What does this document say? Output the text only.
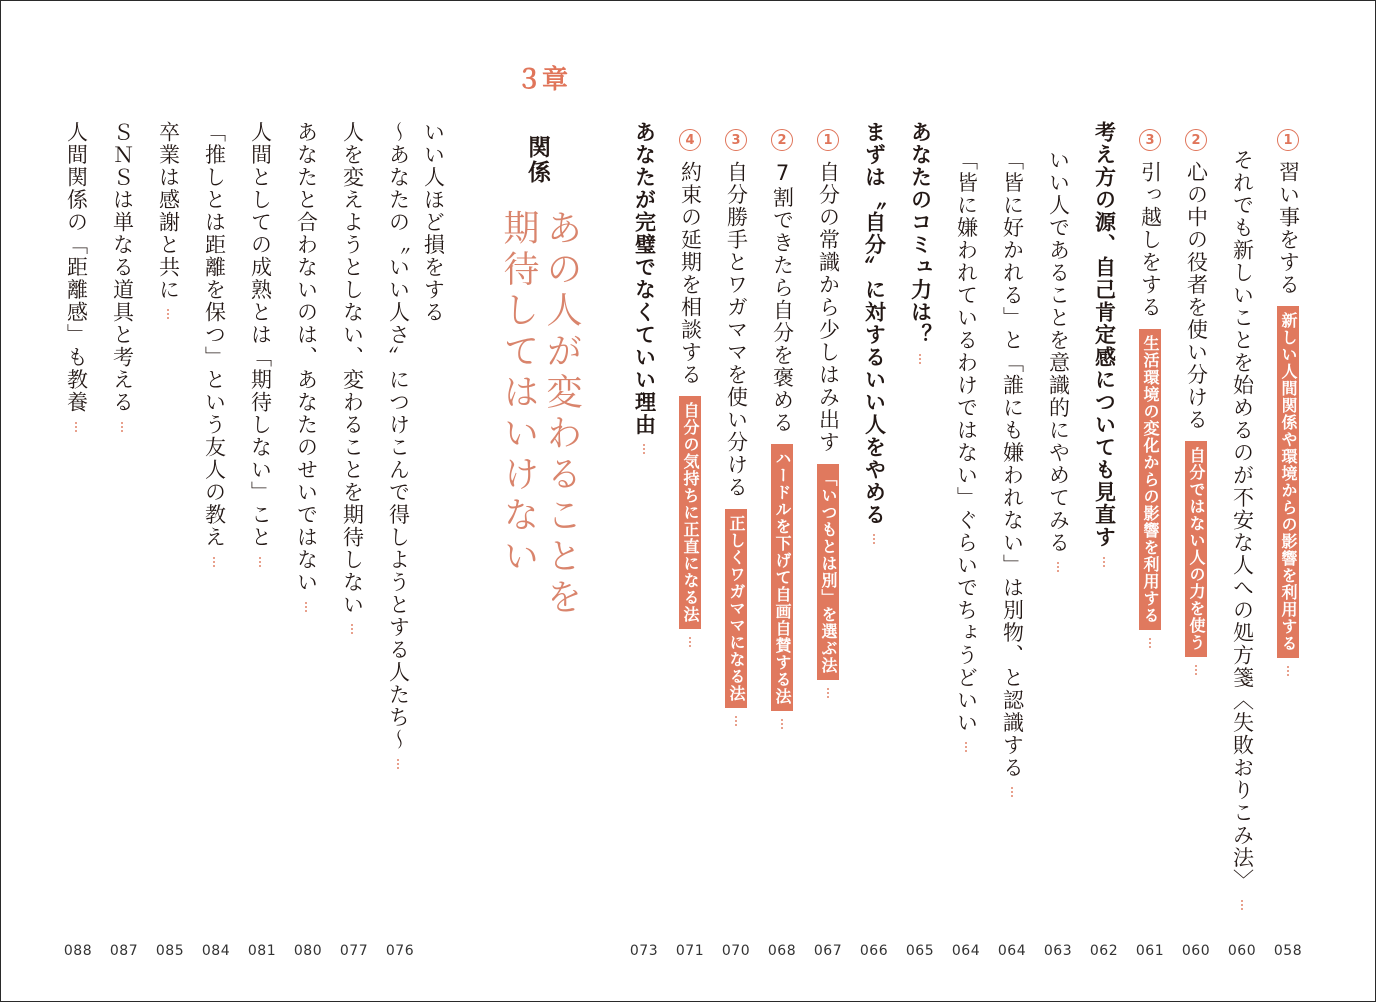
1
習い事をする
新しい人間関係や環境からの影響を利用する
058
それでも新しいことを始めるのが不安な人への処方箋〈失敗おりこみ法〉
060
2
心の中の役者を使い分ける
自分ではない人の力を使う
060
3
引っ越しをする
生活環境の変化からの影響を利用する
061
考え方の源、自己肯定感についても見直す
062
いい人であることを意識的にやめてみる
063
「皆に好かれる」と「誰にも嫌われない」は別物、と認識する
064
「皆に嫌われているわけではない」ぐらいでちょうどいい
064
あなたのコミュ力は？
065
まずは〝自分〟に対するいい人をやめる
066
1
自分の常識から少しはみ出す
「いつもとは別」を選ぶ法
067
2
7割できたら自分を褒める
ハードルを下げて自画自賛する法
068
3
自分勝手とワガママを使い分ける
正しくワガママになる法
070
4
約束の延期を相談する
自分の気持ちに正直になる法
071
あなたが完璧でなくていい理由
073
３章
関係
あの人が変わることを
期待してはいけない
いい人ほど損をする
〜あなたの〝いい人さ〟につけこんで得しようとする人たち〜
076
人を変えようとしない、変わることを期待しない
077
あなたと合わないのは、あなたのせいではない
080
人間としての成熟とは「期待しない」こと
081
「推しとは距離を保つ」という友人の教え
084
卒業は感謝と共に
085
ＳＮＳは単なる道具と考える
087
人間関係の「距離感」も教養
088
